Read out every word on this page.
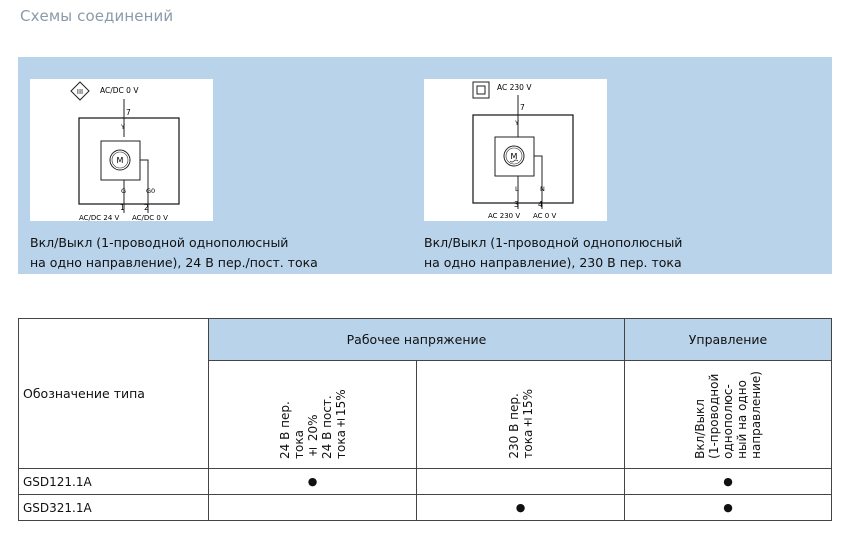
Схемы соединений
III AC/DC 0 V
7
Y
M
G	G0
1	2
AC/DC 24 V AC/DC 0 V
Вкл/Выкл (1-проводной однополюсный
на одно направление), 24 В пер./пост. тока
AC 230 V
7
Y
M
L	N
3	4
AC 230 V AC 0 V
Вкл/Выкл (1-проводной однополюсный
на одно направление), 230 В пер. тока
Обозначение типа	Рабочее напряжение		Управление

	24 В пер. тока ± 20% 24 В пост. тока±15%	230 В пер. тока±15%	Вкл/Выкл (1-проводной однополюс- ный на одно направление)

GSD121.1A	●		●
GSD321.1A		●	●
